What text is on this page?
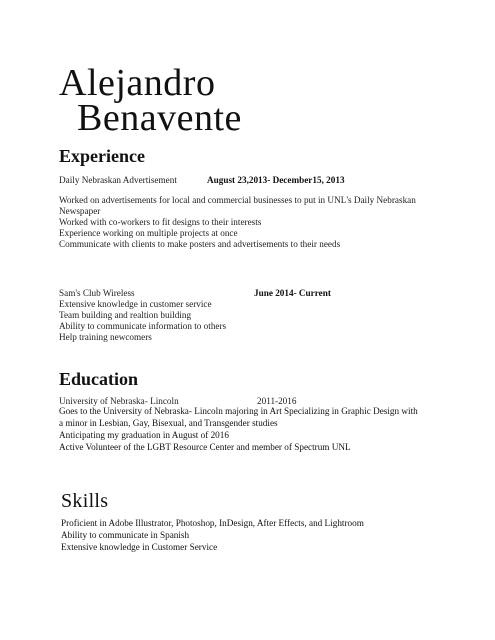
Alejandro
Benavente
Experience
Daily Nebraskan Advertisement	August 23,2013- December15, 2013
Worked on advertisements for local and commercial businesses to put in UNL's Daily Nebraskan
Newspaper
Worked with co-workers to fit designs to their interests
Experience working on multiple projects at once
Communicate with clients to make posters and advertisements to their needs
Sam's Club Wireless	June 2014- Current
Extensive knowledge in customer service
Team building and realtion building
Ability to communicate information to others
Help training newcomers
Education
University of Nebraska- Lincoln	2011-2016
Goes to the University of Nebraska- Lincoln majoring in Art Specializing in Graphic Design with
a minor in Lesbian, Gay, Bisexual, and Transgender studies
Anticipating my graduation in August of 2016
Active Volunteer of the LGBT Resource Center and member of Spectrum UNL
Skills
Proficient in Adobe Illustrator, Photoshop, InDesign, After Effects, and Lightroom
Ability to communicate in Spanish
Extensive knowledge in Customer Service
